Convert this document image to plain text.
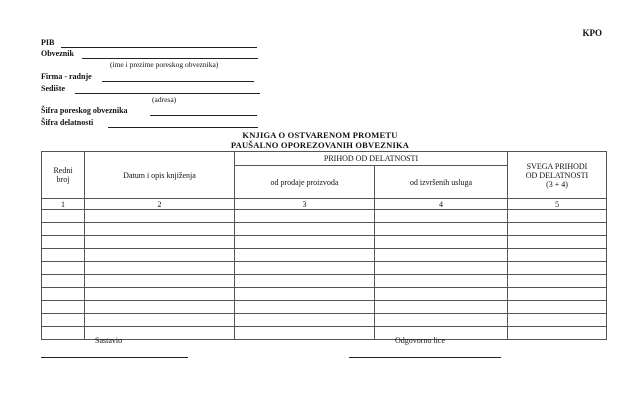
KPO
PIB
Obveznik
(ime i prezime poreskog obveznika)
Firma - radnje
Sedište
(adresa)
Šifra poreskog obveznika
Šifra delatnosti
KNJIGA O OSTVARENOM PROMETU
PAUŠALNO OPOREZOVANIH OBVEZNIKA
Redni broj	Datum i opis knjiženja	PRIHOD OD DELATNOSTI		SVEGA PRIHODI OD DELATNOSTI
(3 + 4)
		od prodaje proizvoda	od izvršenih usluga	
1	2	3	4	5

Sastavio	Odgovorno lice
